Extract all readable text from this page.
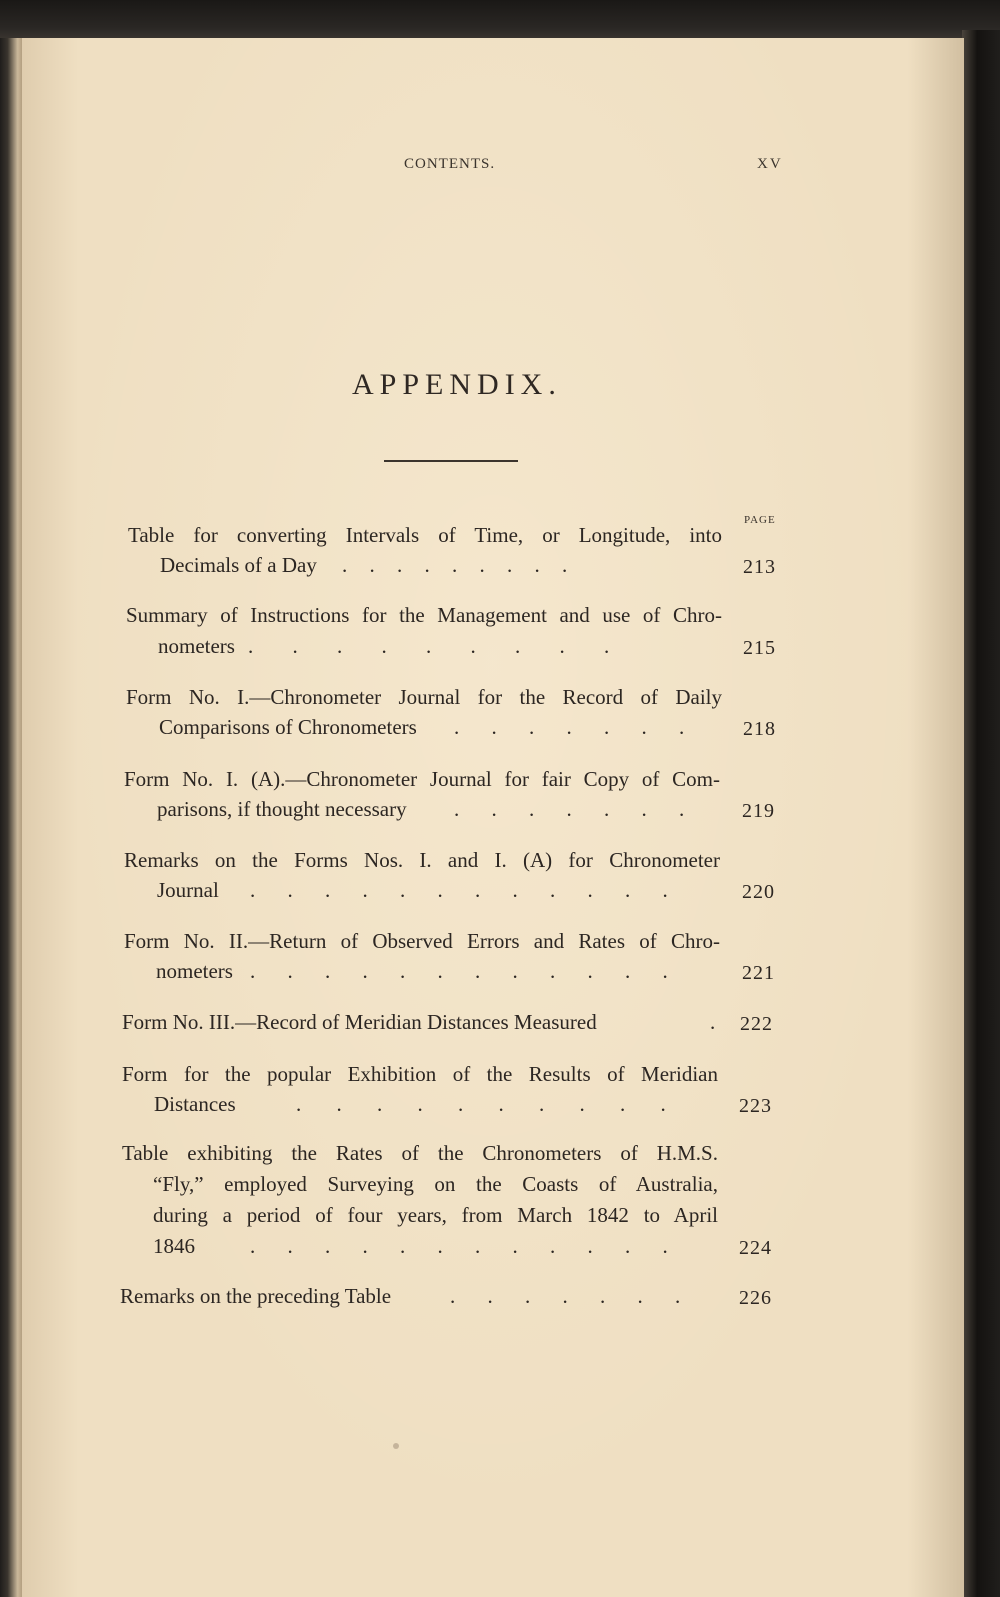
CONTENTS.	XV
APPENDIX.
PAGE
Table for converting Intervals of Time, or Longitude, into
Decimals of a Day . . . . . . . . .	213
Summary of Instructions for the Management and use of Chro-
nometers . . . . . . . . .	215
Form No. I.—Chronometer Journal for the Record of Daily
Comparisons of Chronometers . . . . . . .	218
Form No. I. (A).—Chronometer Journal for fair Copy of Com-
parisons, if thought necessary . . . . . . .	219
Remarks on the Forms Nos. I. and I. (A) for Chronometer
Journal . . . . . . . . . . . .	220
Form No. II.—Return of Observed Errors and Rates of Chro-
nometers . . . . . . . . . . . .	221
Form No. III.—Record of Meridian Distances Measured	. 222
Form for the popular Exhibition of the Results of Meridian
Distances	. . . . . . . . . .	223
Table exhibiting the Rates of the Chronometers of H.M.S.
“Fly,” employed Surveying on the Coasts of Australia,
during a period of four years, from March 1842 to April
1846	. . . . . . . . . . . .	224
Remarks on the preceding Table	. . . . . . .	226
